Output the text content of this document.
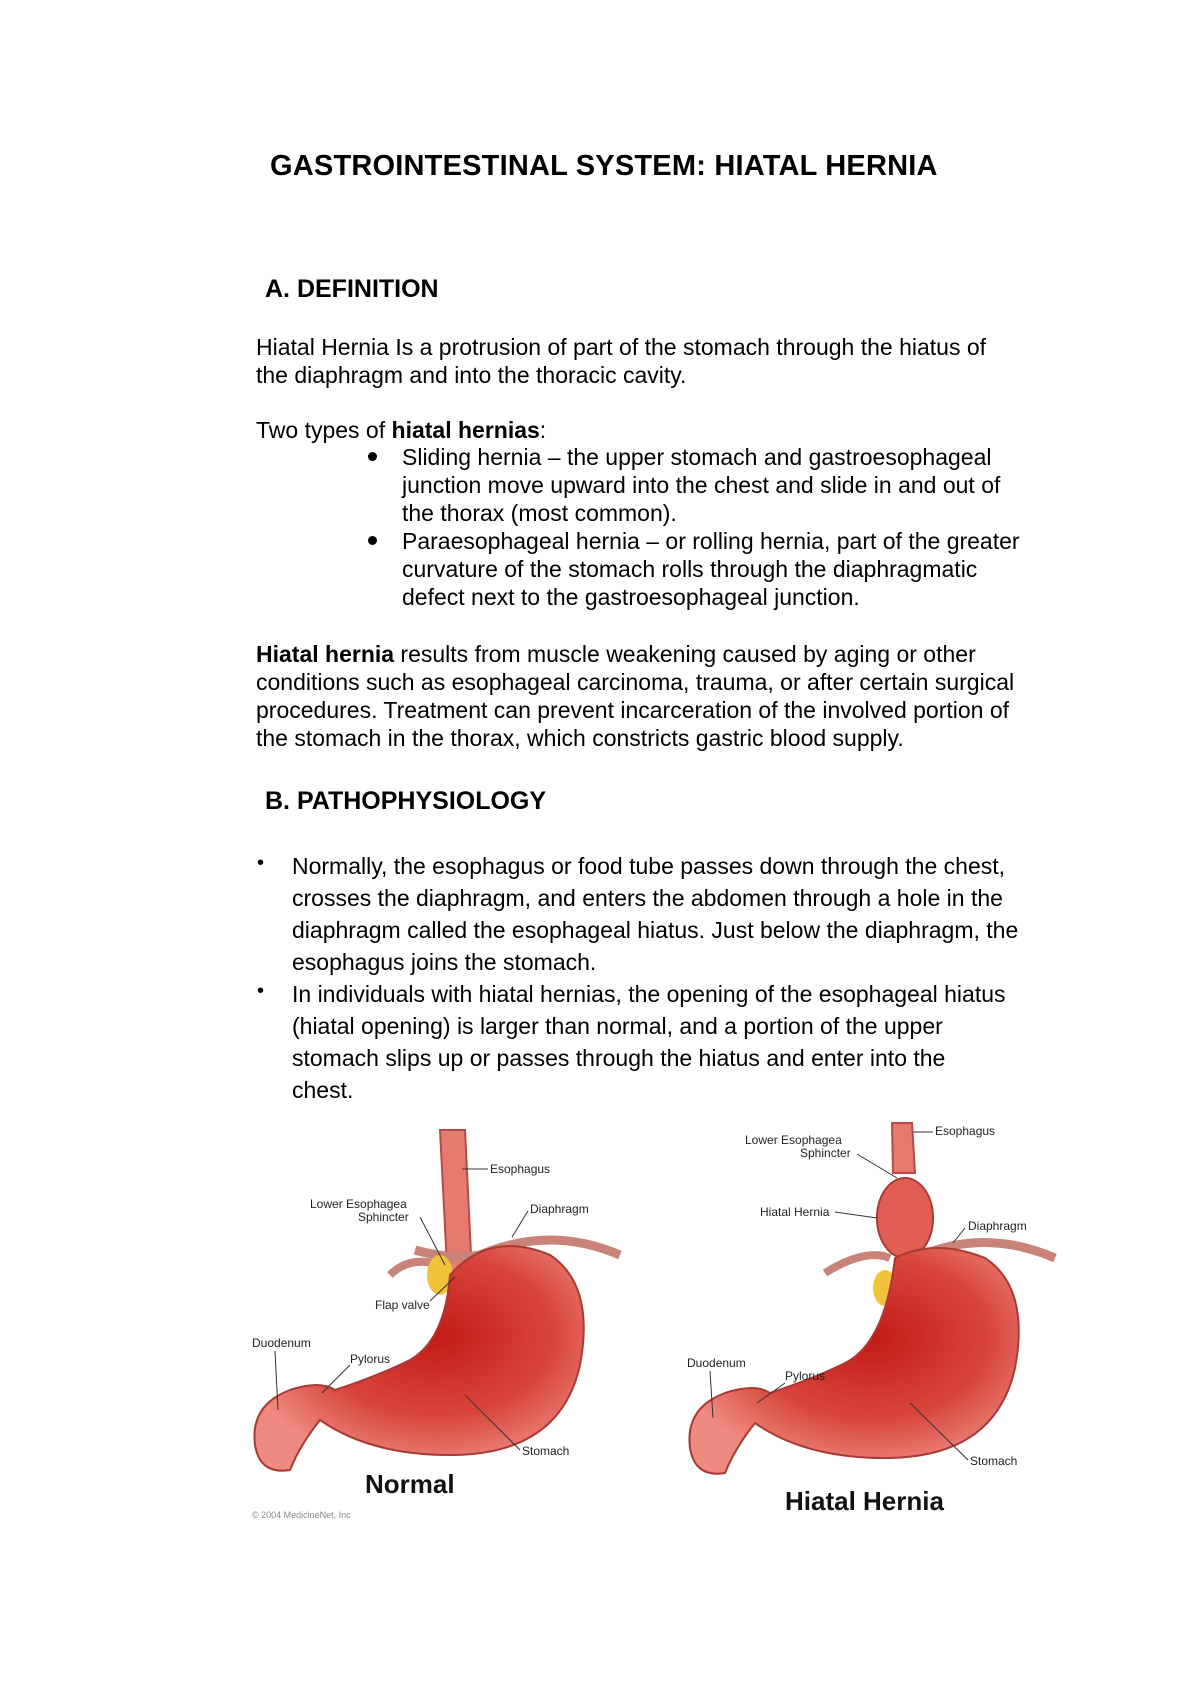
GASTROINTESTINAL SYSTEM: HIATAL HERNIA
A. DEFINITION
Hiatal Hernia Is a protrusion of part of the stomach through the hiatus of
the diaphragm and into the thoracic cavity.
Two types of hiatal hernias:
Sliding hernia – the upper stomach and gastroesophageal
junction move upward into the chest and slide in and out of
the thorax (most common).
Paraesophageal hernia – or rolling hernia, part of the greater
curvature of the stomach rolls through the diaphragmatic
defect next to the gastroesophageal junction.
Hiatal hernia results from muscle weakening caused by aging or other
conditions such as esophageal carcinoma, trauma, or after certain surgical
procedures. Treatment can prevent incarceration of the involved portion of
the stomach in the thorax, which constricts gastric blood supply.
B. PATHOPHYSIOLOGY
• Normally, the esophagus or food tube passes down through the chest,
crosses the diaphragm, and enters the abdomen through a hole in the
diaphragm called the esophageal hiatus. Just below the diaphragm, the
esophagus joins the stomach.
• In individuals with hiatal hernias, the opening of the esophageal hiatus
(hiatal opening) is larger than normal, and a portion of the upper
stomach slips up or passes through the hiatus and enter into the
chest.
Esophagus
Lower Esophagea
Sphincter
Diaphragm
Flap valve
Duodenum
Pylorus
Stomach
Normal
© 2004 MedicineNet, Inc
Esophagus
Lower Esophagea
Sphincter
Hiatal Hernia
Diaphragm
Duodenum
Pylorus
Stomach
Hiatal Hernia
